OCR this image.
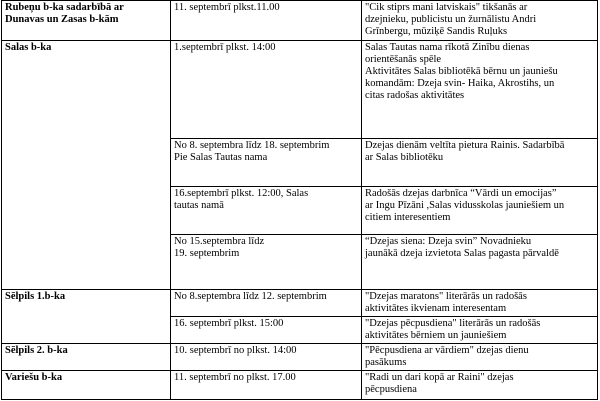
Rubeņu b-ka sadarbībā ar
Dunavas un Zasas b-kām	11. septembrī plkst.11.00	"Cik stiprs mani latviskais" tikšanās ar
dzejnieku, publicistu un žurnālistu Andri
Grīnbergu, mūziķē Sandis Ruļuks

Salas b-ka	1.septembrī plkst. 14:00	Salas Tautas nama rīkotā Zinību dienas
orientēšanās spēle
Aktivitātes Salas bibliotēkā bērnu un jauniešu
komandām: Dzeja svin- Haika, Akrostihs, un
citas radošas aktivitātes

	No 8. septembra līdz 18. septembrim
Pie Salas Tautas nama	Dzejas dienām veltīta pietura Rainis. Sadarbībā
ar Salas bibliotēku

	16.septembrī plkst. 12:00, Salas
tautas namā	Radošās dzejas darbnīca “Vārdi un emocijas”
ar Ingu Pīzāni ,Salas vidusskolas jauniešiem un
citiem interesentiem

	No 15.septembra līdz
19. septembrim	“Dzejas siena: Dzeja svin” Novadnieku
jaunākā dzeja izvietota Salas pagasta pārvaldē

Sēlpils 1.b-ka	No 8.septembra līdz 12. septembrim	"Dzejas maratons" literārās un radošās
aktivitātes ikvienam interesentam

	16. septembrī plkst. 15:00	"Dzejas pēcpusdiena" literārās un radošās
aktivitātes bērniem un jauniešiem

Sēlpils 2. b-ka	10. septembrī no plkst. 14:00	"Pēcpusdiena ar vārdiem" dzejas dienu
pasākums

Variešu b-ka	11. septembrī no plkst. 17.00	"Radi un dari kopā ar Raini" dzejas
pēcpusdiena
